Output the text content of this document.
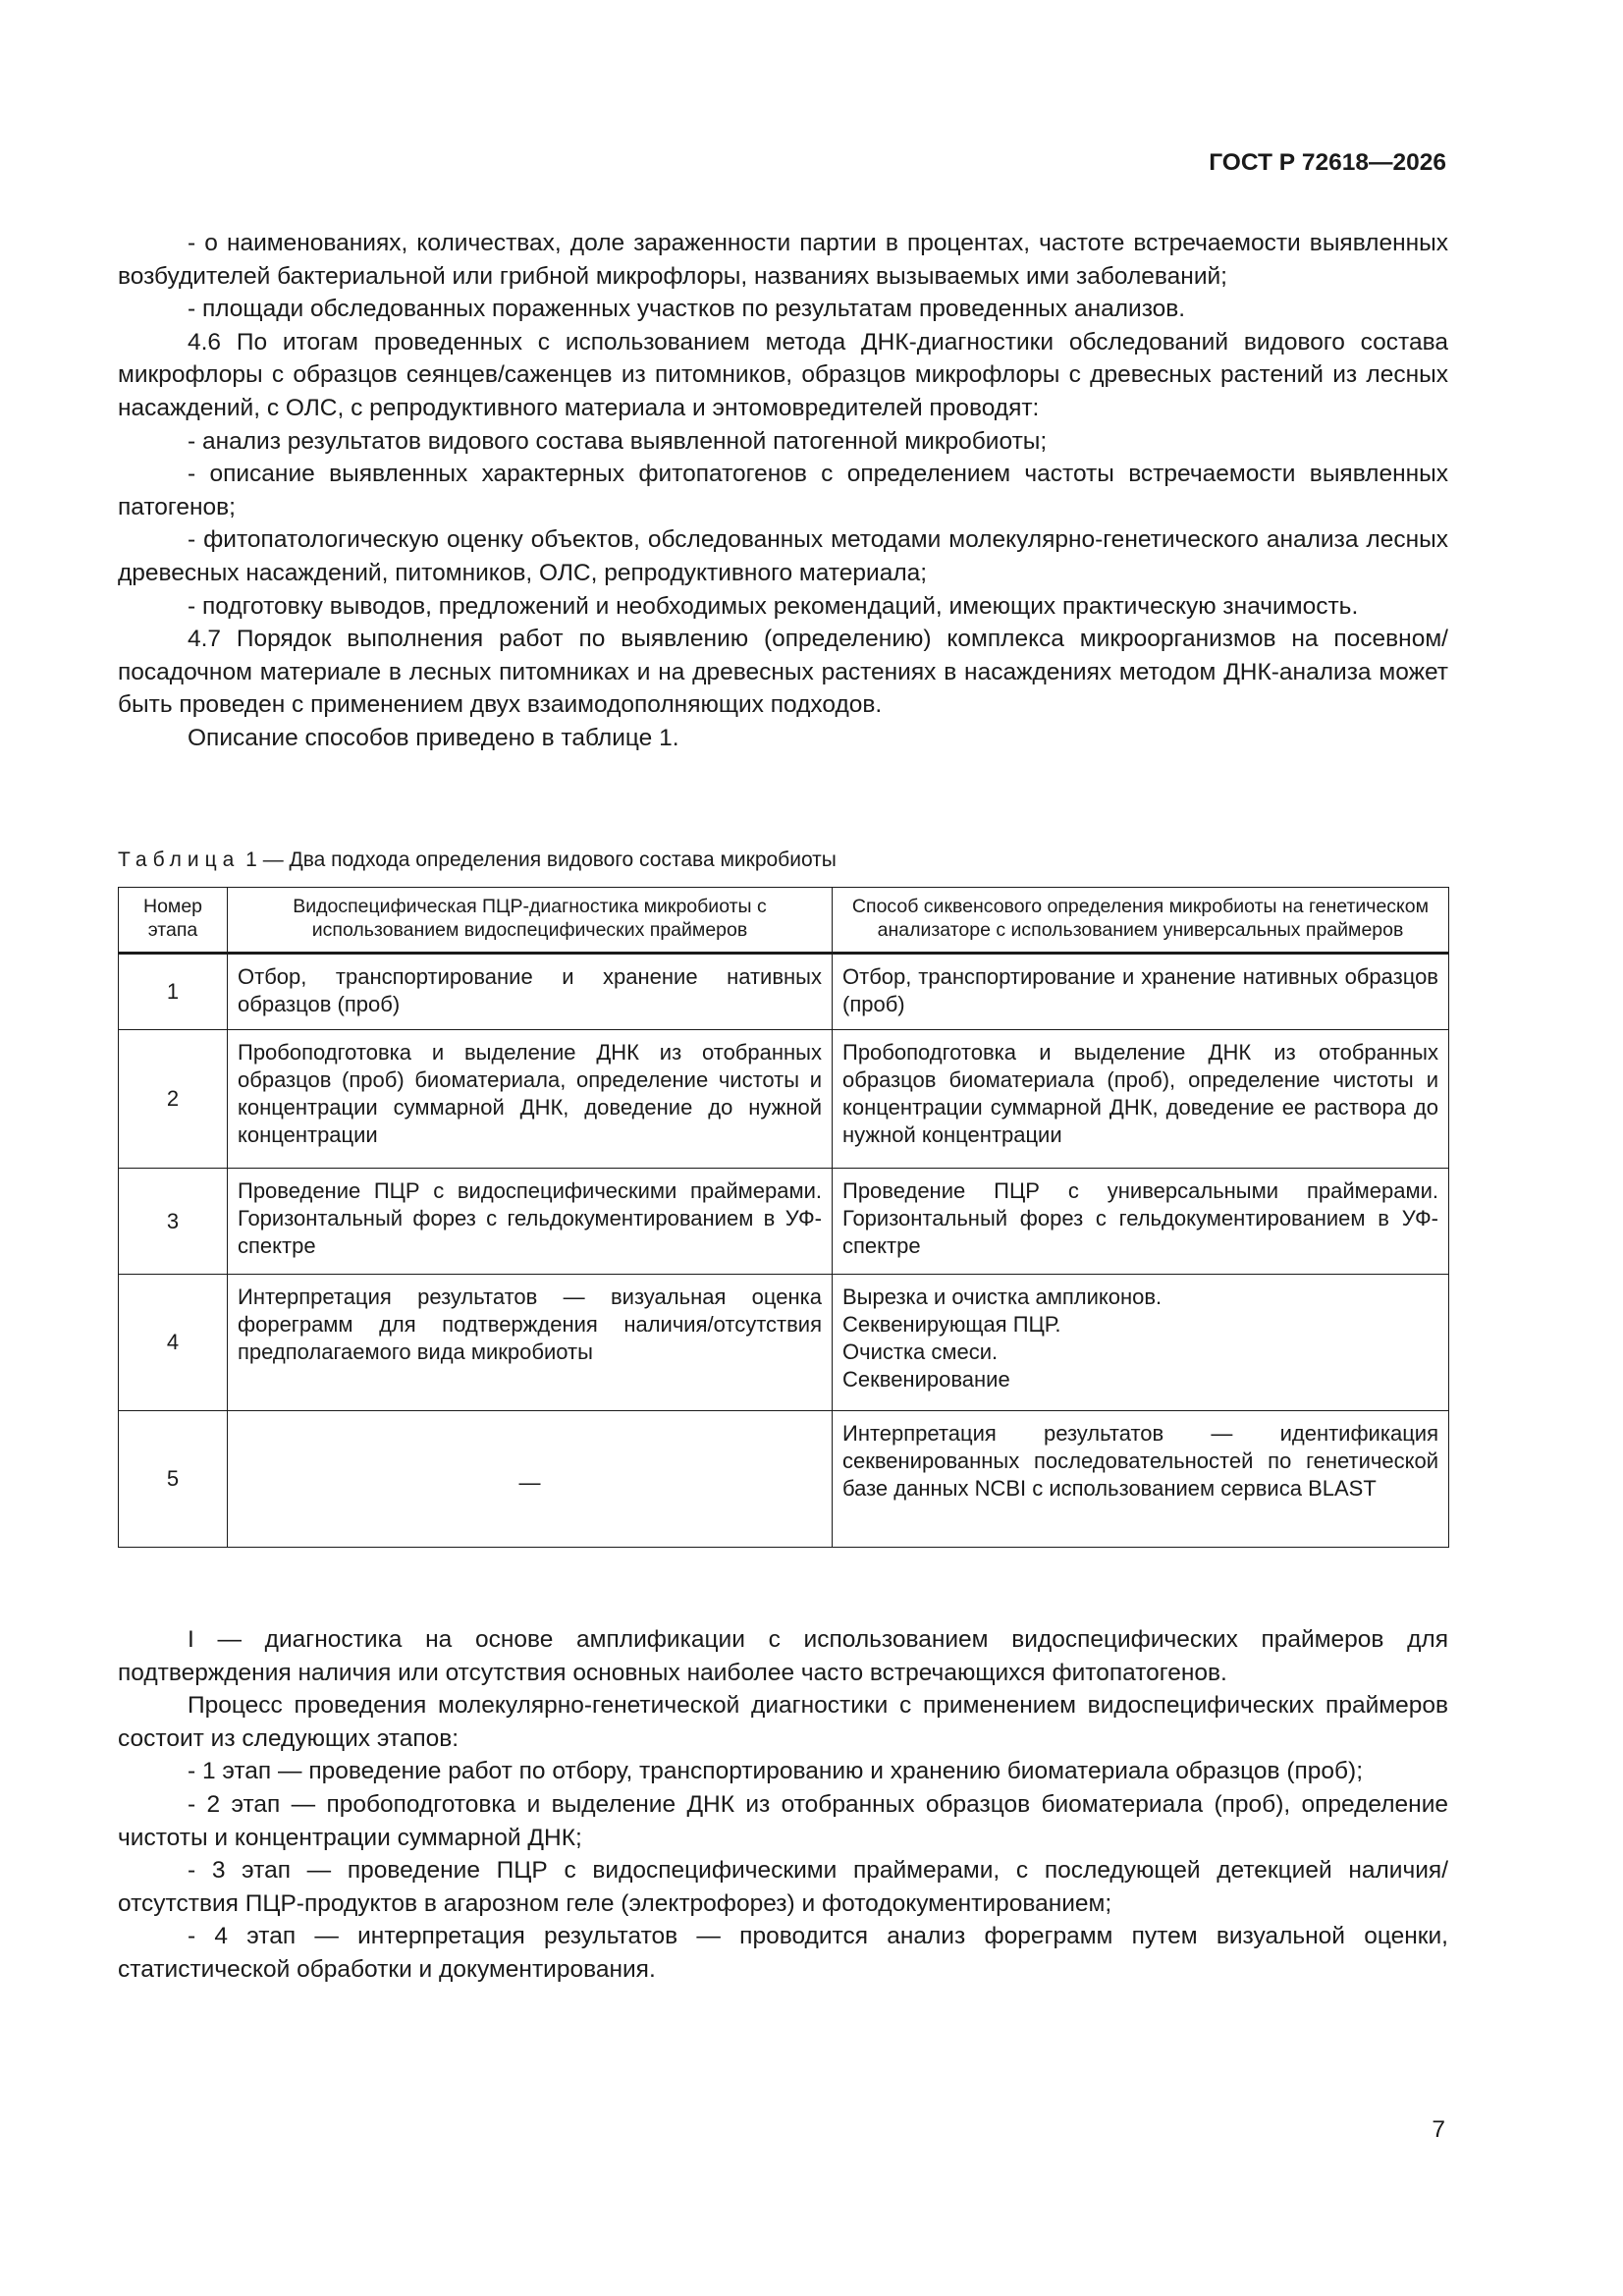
ГОСТ Р 72618—2026

- о наименованиях, количествах, доле зараженности партии в процентах, частоте встречаемости выявленных возбудителей бактериальной или грибной микрофлоры, названиях вызываемых ими заболеваний;

- площади обследованных пораженных участков по результатам проведенных анализов.

4.6 По итогам проведенных с использованием метода ДНК-диагностики обследований видового состава микрофлоры с образцов сеянцев/саженцев из питомников, образцов микрофлоры с древесных растений из лесных насаждений, с ОЛС, с репродуктивного материала и энтомовредителей проводят:

- анализ результатов видового состава выявленной патогенной микробиоты;

- описание выявленных характерных фитопатогенов с определением частоты встречаемости выявленных патогенов;

- фитопатологическую оценку объектов, обследованных методами молекулярно-генетического анализа лесных древесных насаждений, питомников, ОЛС, репродуктивного материала;

- подготовку выводов, предложений и необходимых рекомендаций, имеющих практическую значимость.

4.7 Порядок выполнения работ по выявлению (определению) комплекса микроорганизмов на посевном/посадочном материале в лесных питомниках и на древесных растениях в насаждениях методом ДНК-анализа может быть проведен с применением двух взаимодополняющих подходов.

Описание способов приведено в таблице 1.

Таблица 1 — Два подхода определения видового состава микробиоты
Номер этапа	Видоспецифическая ПЦР-диагностика микробиоты с использованием видоспецифических праймеров	Способ сиквенсового определения микробиоты на генетическом анализаторе с использованием универсальных праймеров
1	Отбор, транспортирование и хранение нативных образцов (проб)	Отбор, транспортирование и хранение нативных образцов (проб)
2	Пробоподготовка и выделение ДНК из отобранных образцов (проб) биоматериала, определение чистоты и концентрации суммарной ДНК, доведение до нужной концентрации	Пробоподготовка и выделение ДНК из отобранных образцов биоматериала (проб), определение чистоты и концентрации суммарной ДНК, доведение ее раствора до нужной концентрации
3	Проведение ПЦР с видоспецифическими праймерами. Горизонтальный форез с гельдокументированием в УФ-спектре	Проведение ПЦР с универсальными праймерами. Горизонтальный форез с гельдокументированием в УФ-спектре
4	Интерпретация результатов — визуальная оценка форeграмм для подтверждения наличия/отсутствия предполагаемого вида микробиоты	Вырезка и очистка ампликонов.
Секвенирующая ПЦР.
Очистка смеси.
Секвенирование
5	—	Интерпретация результатов — идентификация секвенированных последовательностей по генетической базе данных NCBI с использованием сервиса BLAST

I — диагностика на основе амплификации с использованием видоспецифических праймеров для подтверждения наличия или отсутствия основных наиболее часто встречающихся фитопатогенов.

Процесс проведения молекулярно-генетической диагностики с применением видоспецифических праймеров состоит из следующих этапов:

- 1 этап — проведение работ по отбору, транспортированию и хранению биоматериала образцов (проб);

- 2 этап — пробоподготовка и выделение ДНК из отобранных образцов биоматериала (проб), определение чистоты и концентрации суммарной ДНК;

- 3 этап — проведение ПЦР с видоспецифическими праймерами, с последующей детекцией наличия/отсутствия ПЦР-продуктов в агарозном геле (электрофорез) и фотодокументированием;

- 4 этап — интерпретация результатов — проводится анализ форeграмм путем визуальной оценки, статистической обработки и документирования.

7
